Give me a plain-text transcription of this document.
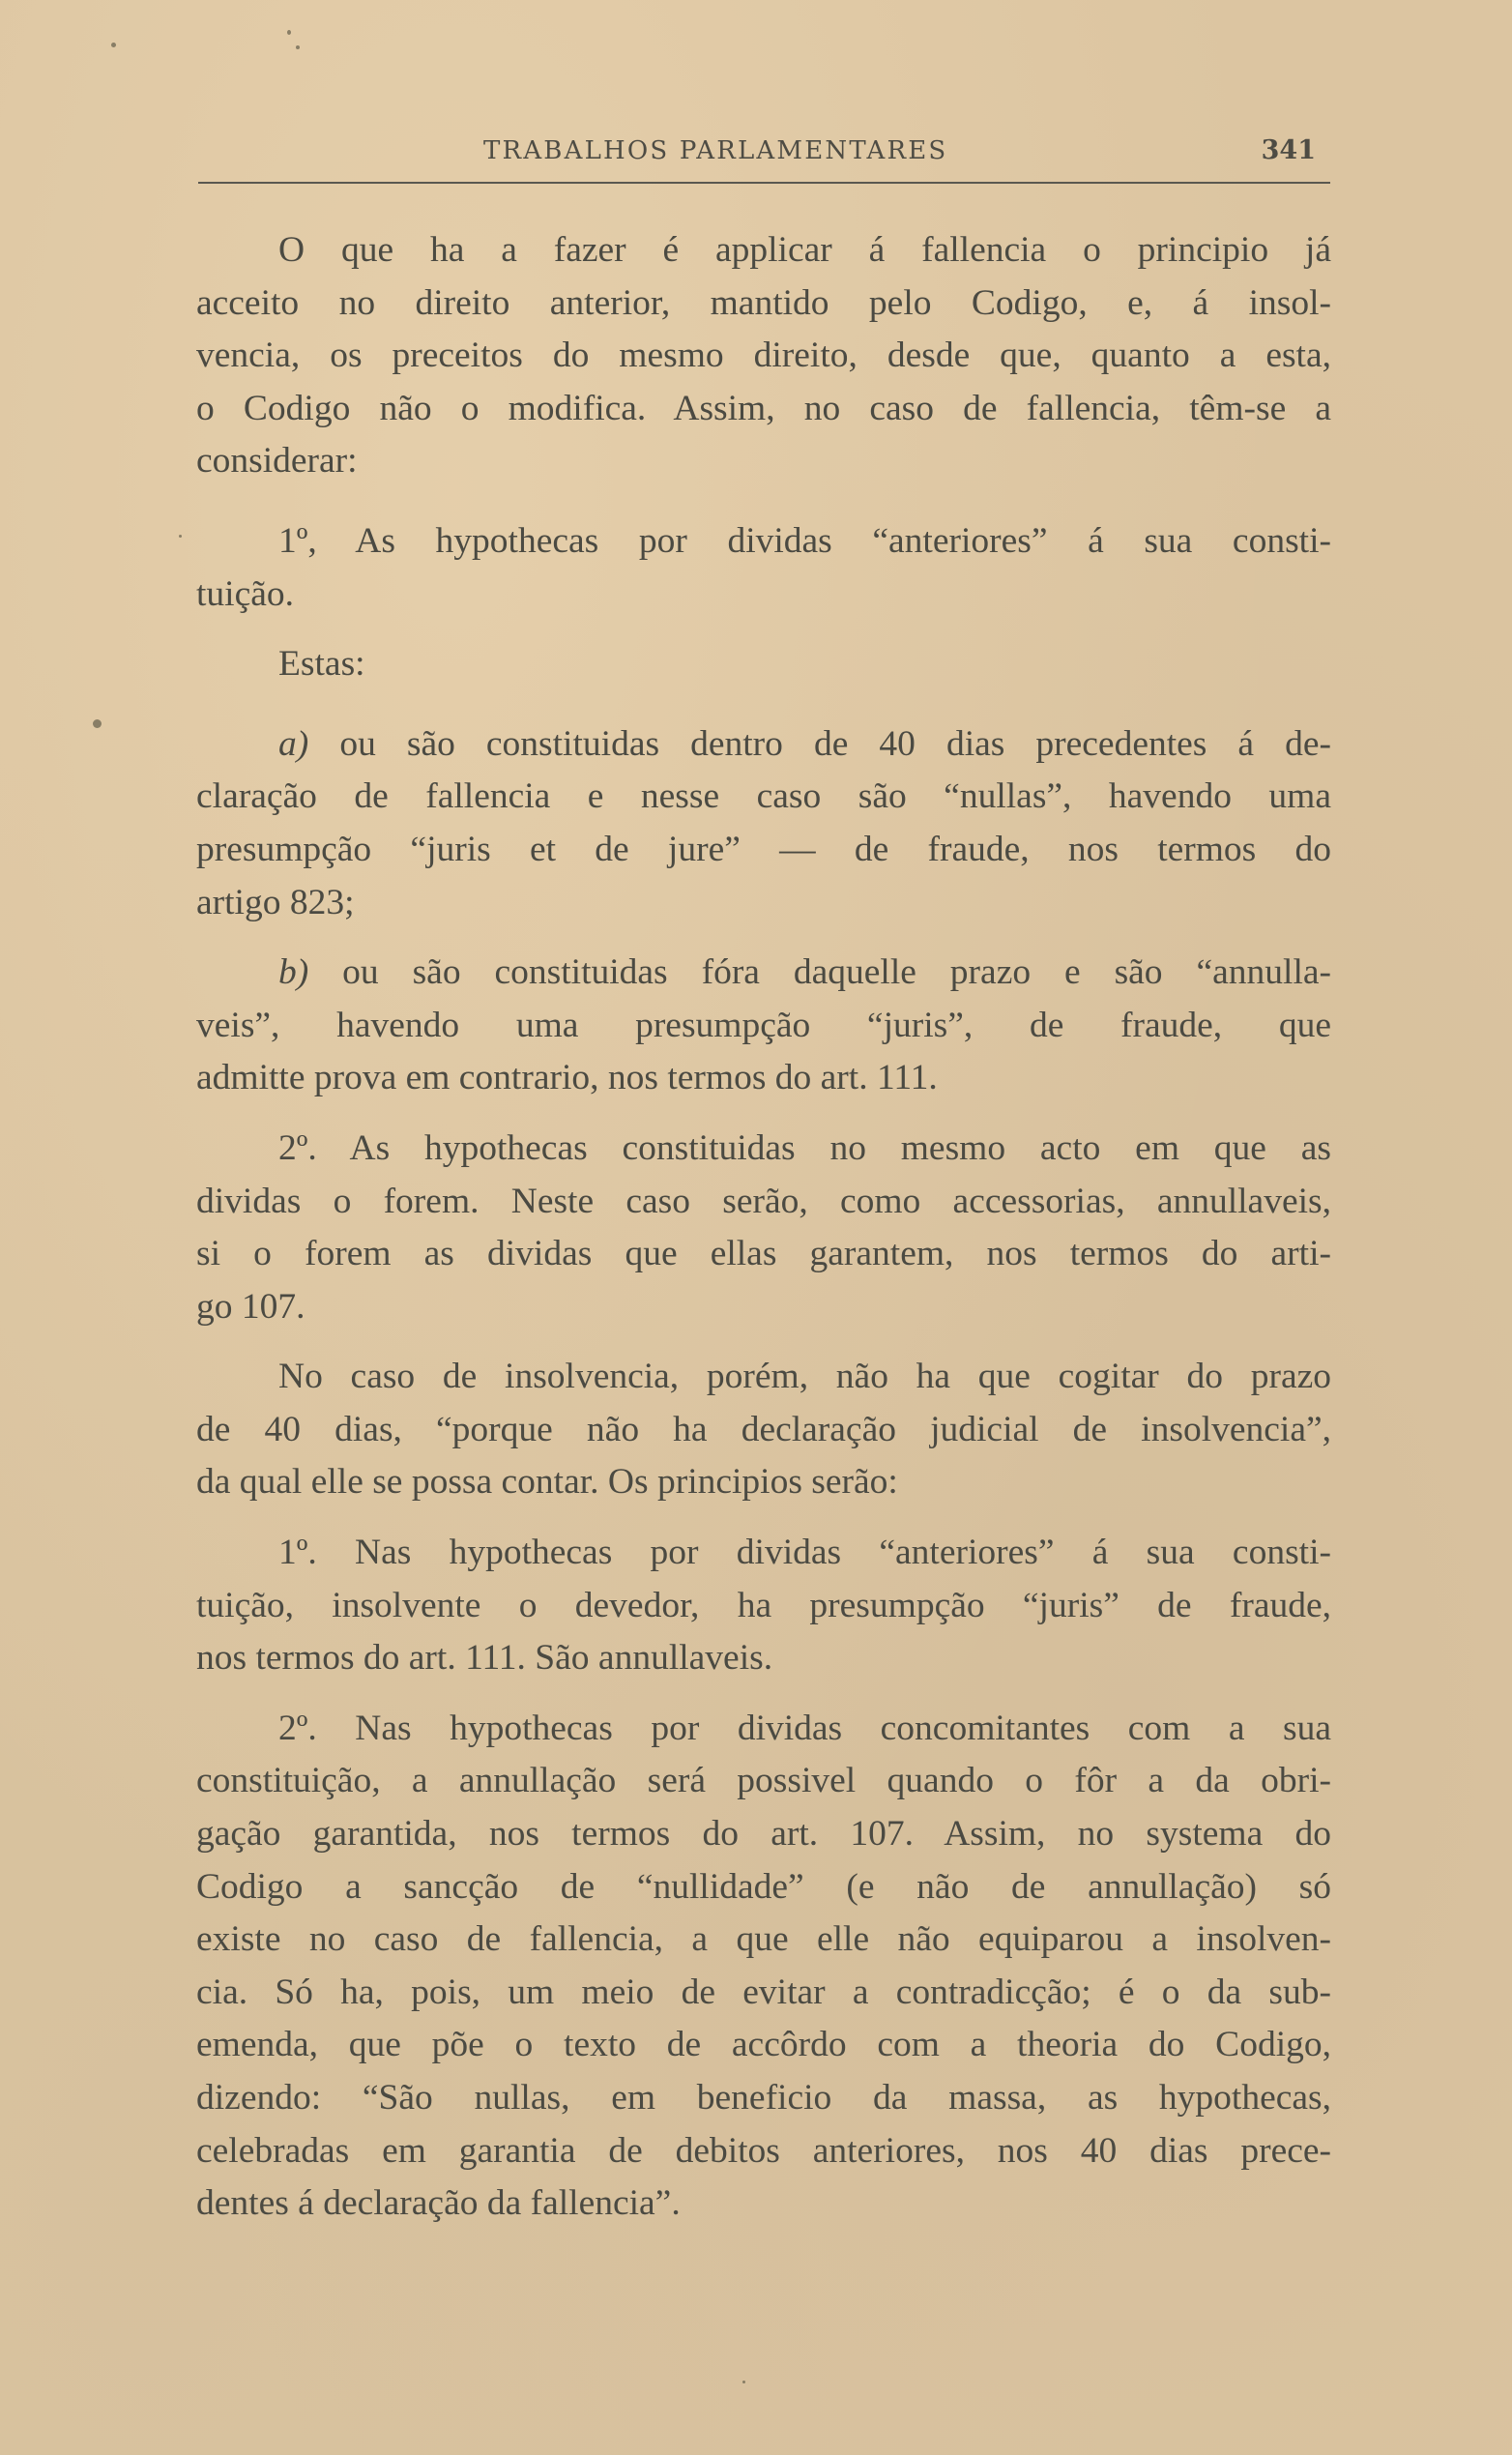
TRABALHOS PARLAMENTARES	341
O que ha a fazer é applicar á fallencia o principio já
acceito no direito anterior, mantido pelo Codigo, e, á insol-
vencia, os preceitos do mesmo direito, desde que, quanto a esta,
o Codigo não o modifica. Assim, no caso de fallencia, têm-se a
considerar:
1º, As hypothecas por dividas “anteriores” á sua consti-
tuição.
Estas:
a) ou são constituidas dentro de 40 dias precedentes á de-
claração de fallencia e nesse caso são “nullas”, havendo uma
presumpção “juris et de jure” — de fraude, nos termos do
artigo 823;
b) ou são constituidas fóra daquelle prazo e são “annulla-
veis”, havendo uma presumpção “juris”, de fraude, que
admitte prova em contrario, nos termos do art. 111.
2º. As hypothecas constituidas no mesmo acto em que as
dividas o forem. Neste caso serão, como accessorias, annullaveis,
si o forem as dividas que ellas garantem, nos termos do arti-
go 107.
No caso de insolvencia, porém, não ha que cogitar do prazo
de 40 dias, “porque não ha declaração judicial de insolvencia”,
da qual elle se possa contar. Os principios serão:
1º. Nas hypothecas por dividas “anteriores” á sua consti-
tuição, insolvente o devedor, ha presumpção “juris” de fraude,
nos termos do art. 111. São annullaveis.
2º. Nas hypothecas por dividas concomitantes com a sua
constituição, a annullação será possivel quando o fôr a da obri-
gação garantida, nos termos do art. 107. Assim, no systema do
Codigo a sancção de “nullidade” (e não de annullação) só
existe no caso de fallencia, a que elle não equiparou a insolven-
cia. Só ha, pois, um meio de evitar a contradicção; é o da sub-
emenda, que põe o texto de accôrdo com a theoria do Codigo,
dizendo: “São nullas, em beneficio da massa, as hypothecas,
celebradas em garantia de debitos anteriores, nos 40 dias prece-
dentes á declaração da fallencia”.
